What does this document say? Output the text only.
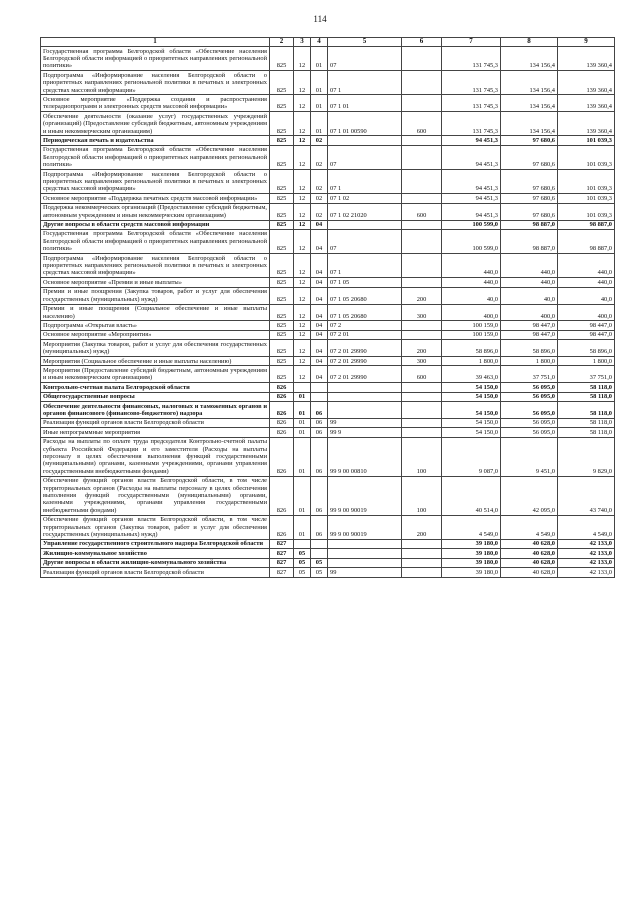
114
1	2	3	4	5	6	7	8	9
Государственная программа Белгородской области «Обеспечение населения Белгородской области информацией о приоритетных направлениях региональной политики»	825	12	01	07		131 745,3	134 156,4	139 360,4
Подпрограмма «Информирование населения Белгородской области о приоритетных направлениях региональной политики в печатных и электронных средствах массовой информации»	825	12	01	07 1		131 745,3	134 156,4	139 360,4
Основное мероприятие «Поддержка создания и распространения телерадиопрограмм и электронных средств массовой информации»	825	12	01	07 1 01		131 745,3	134 156,4	139 360,4
Обеспечение деятельности (оказание услуг) государственных учреждений (организаций) (Предоставление субсидий бюджетным, автономным учреждениям и иным некоммерческим организациям)	825	12	01	07 1 01 00590	600	131 745,3	134 156,4	139 360,4
Периодическая печать и издательства	825	12	02			94 451,3	97 680,6	101 039,3
Государственная программа Белгородской области «Обеспечение населения Белгородской области информацией о приоритетных направлениях региональной политики»	825	12	02	07		94 451,3	97 680,6	101 039,3
Подпрограмма «Информирование населения Белгородской области о приоритетных направлениях региональной политики в печатных и электронных средствах массовой информации»	825	12	02	07 1		94 451,3	97 680,6	101 039,3
Основное мероприятие «Поддержка печатных средств массовой информации»	825	12	02	07 1 02		94 451,3	97 680,6	101 039,3
Поддержка некоммерческих организаций (Предоставление субсидий бюджетным, автономным учреждениям и иным некоммерческим организациям)	825	12	02	07 1 02 21020	600	94 451,3	97 680,6	101 039,3
Другие вопросы в области средств массовой информации	825	12	04			100 599,0	98 887,0	98 887,0
Государственная программа Белгородской области «Обеспечение населения Белгородской области информацией о приоритетных направлениях региональной политики»	825	12	04	07		100 599,0	98 887,0	98 887,0
Подпрограмма «Информирование населения Белгородской области о приоритетных направлениях региональной политики в печатных и электронных средствах массовой информации»	825	12	04	07 1		440,0	440,0	440,0
Основное мероприятие «Премии и иные выплаты»	825	12	04	07 1 05		440,0	440,0	440,0
Премии и иные поощрения (Закупка товаров, работ и услуг для обеспечения государственных (муниципальных) нужд)	825	12	04	07 1 05 20680	200	40,0	40,0	40,0
Премии и иные поощрения (Социальное обеспечение и иные выплаты населению)	825	12	04	07 1 05 20680	300	400,0	400,0	400,0
Подпрограмма «Открытая власть»	825	12	04	07 2		100 159,0	98 447,0	98 447,0
Основное мероприятие «Мероприятия»	825	12	04	07 2 01		100 159,0	98 447,0	98 447,0
Мероприятия (Закупка товаров, работ и услуг для обеспечения государственных (муниципальных) нужд)	825	12	04	07 2 01 29990	200	58 896,0	58 896,0	58 896,0
Мероприятия (Социальное обеспечение и иные выплаты населению)	825	12	04	07 2 01 29990	300	1 800,0	1 800,0	1 800,0
Мероприятия (Предоставление субсидий бюджетным, автономным учреждениям и иным некоммерческим организациям)	825	12	04	07 2 01 29990	600	39 463,0	37 751,0	37 751,0
Контрольно-счетная палата Белгородской области	826					54 150,0	56 095,0	58 118,0
Общегосударственные вопросы	826	01				54 150,0	56 095,0	58 118,0
Обеспечение деятельности финансовых, налоговых и таможенных органов и органов финансового (финансово-бюджетного) надзора	826	01	06			54 150,0	56 095,0	58 118,0
Реализация функций органов власти Белгородской области	826	01	06	99		54 150,0	56 095,0	58 118,0
Иные непрограммные мероприятия	826	01	06	99 9		54 150,0	56 095,0	58 118,0
Расходы на выплаты по оплате труда председателя Контрольно-счетной палаты субъекта Российской Федерации и его заместителя (Расходы на выплаты персоналу в целях обеспечения выполнения функций государственными (муниципальными) органами, казенными учреждениями, органами управления государственными внебюджетными фондами)	826	01	06	99 9 00 00810	100	9 087,0	9 451,0	9 829,0
Обеспечение функций органов власти Белгородской области, в том числе территориальных органов (Расходы на выплаты персоналу в целях обеспечения выполнения функций государственными (муниципальными) органами, казенными учреждениями, органами управления государственными внебюджетными фондами)	826	01	06	99 9 00 90019	100	40 514,0	42 095,0	43 740,0
Обеспечение функций органов власти Белгородской области, в том числе территориальных органов (Закупка товаров, работ и услуг для обеспечения государственных (муниципальных) нужд)	826	01	06	99 9 00 90019	200	4 549,0	4 549,0	4 549,0
Управление государственного строительного надзора Белгородской области	827					39 180,0	40 628,0	42 133,0
Жилищно-коммунальное хозяйство	827	05				39 180,0	40 628,0	42 133,0
Другие вопросы в области жилищно-коммунального хозяйства	827	05	05			39 180,0	40 628,0	42 133,0
Реализация функций органов власти Белгородской области	827	05	05	99		39 180,0	40 628,0	42 133,0
